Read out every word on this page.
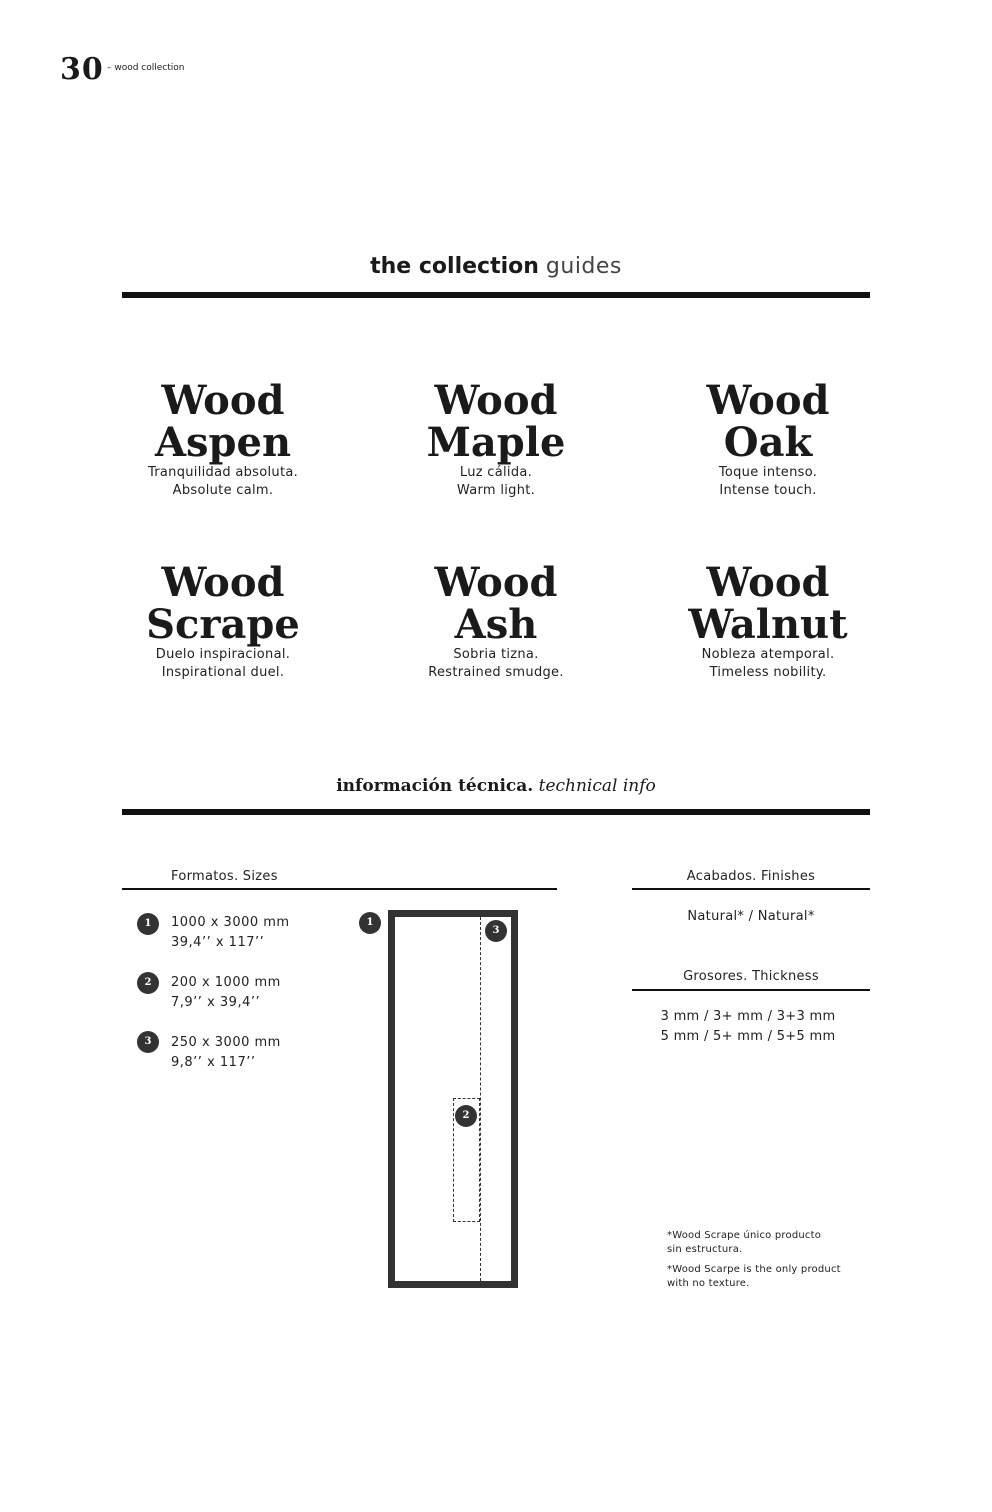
30 – wood collection
the collection guides
Wood
Aspen
Tranquilidad absoluta.
Absolute calm.
Wood
Maple
Luz cálida.
Warm light.
Wood
Oak
Toque intenso.
Intense touch.
Wood
Scrape
Duelo inspiracional.
Inspirational duel.
Wood
Ash
Sobria tizna.
Restrained smudge.
Wood
Walnut
Nobleza atemporal.
Timeless nobility.
información técnica. technical info
Formatos. Sizes
1	1000 x 3000 mm
39,4’’ x 117’’
2	200 x 1000 mm
7,9’’ x 39,4’’
3	250 x 3000 mm
9,8’’ x 117’’
1
3
2
Acabados. Finishes
Natural* / Natural*
Grosores. Thickness
3 mm / 3+ mm / 3+3 mm
5 mm / 5+ mm / 5+5 mm
*Wood Scrape único producto
sin estructura.
*Wood Scarpe is the only product
with no texture.
